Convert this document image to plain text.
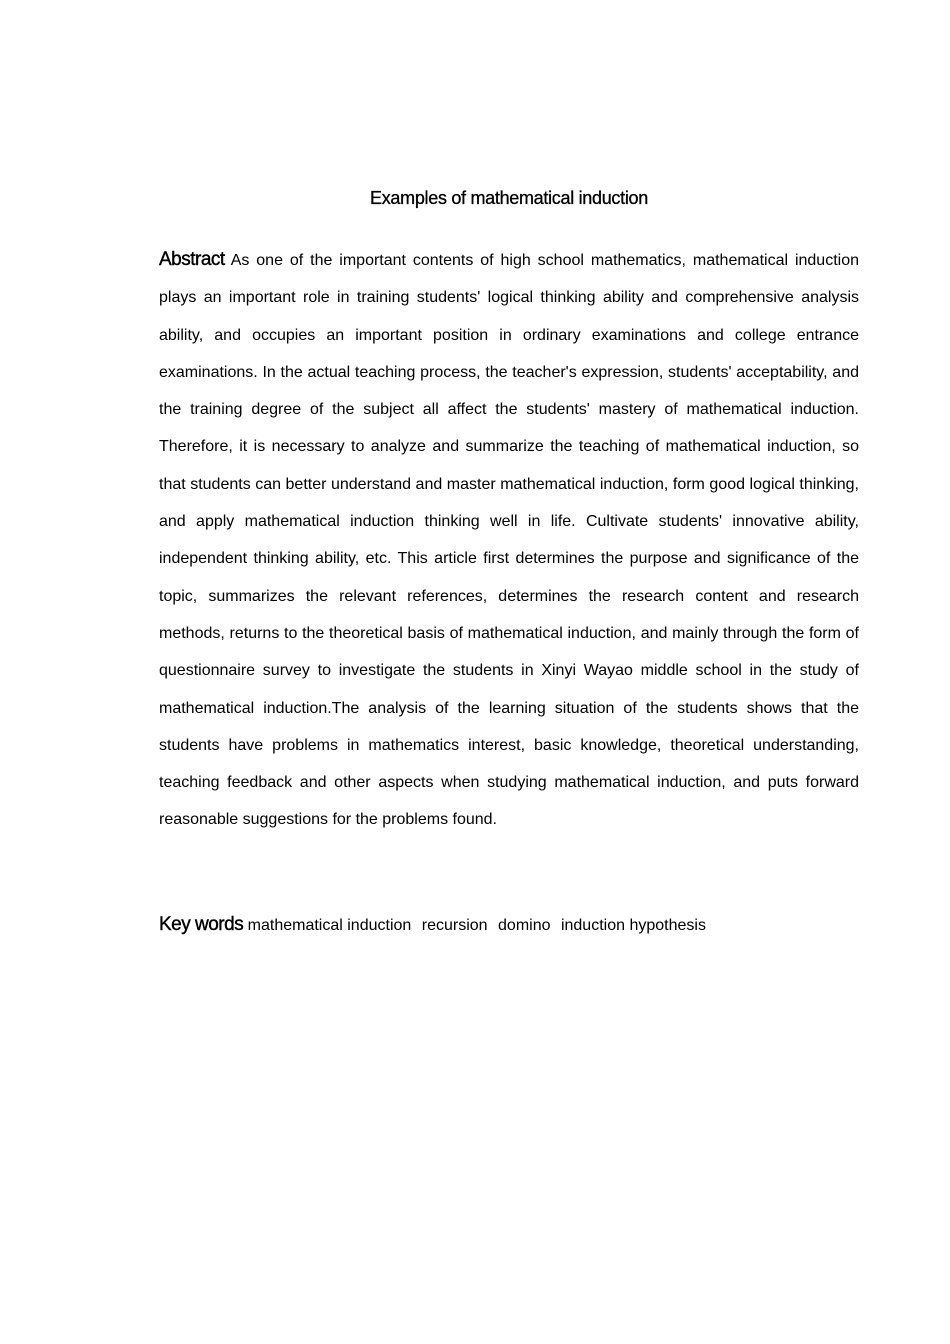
Examples of mathematical induction

Abstract As one of the important contents of high school mathematics, mathematical induction plays an important role in training students' logical thinking ability and comprehensive analysis ability, and occupies an important position in ordinary examinations and college entrance examinations. In the actual teaching process, the teacher's expression, students' acceptability, and the training degree of the subject all affect the students' mastery of mathematical induction. Therefore, it is necessary to analyze and summarize the teaching of mathematical induction, so that students can better understand and master mathematical induction, form good logical thinking, and apply mathematical induction thinking well in life. Cultivate students' innovative ability, independent thinking ability, etc. This article first determines the purpose and significance of the topic, summarizes the relevant references, determines the research content and research methods, returns to the theoretical basis of mathematical induction, and mainly through the form of questionnaire survey to investigate the students in Xinyi Wayao middle school in the study of mathematical induction.The analysis of the learning situation of the students shows that the students have problems in mathematics interest, basic knowledge, theoretical understanding, teaching feedback and other aspects when studying mathematical induction, and puts forward reasonable suggestions for the problems found.

Key words mathematical induction recursion domino induction hypothesis
